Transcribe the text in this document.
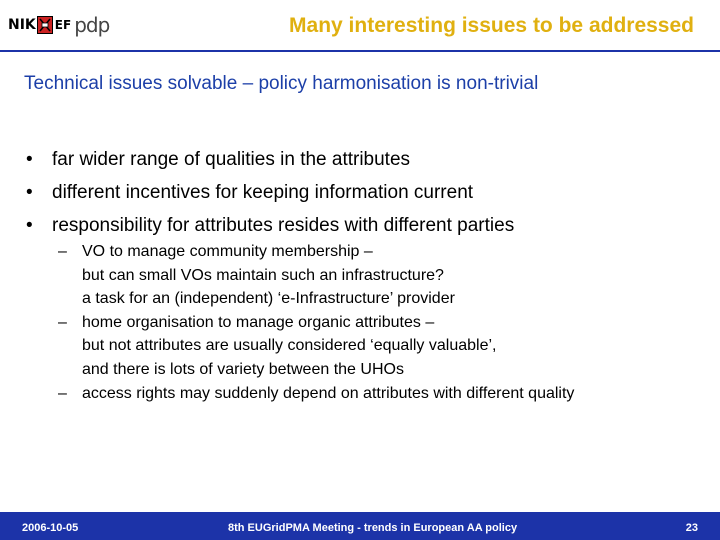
NIK EF pdp	Many interesting issues to be addressed
Technical issues solvable – policy harmonisation is non-trivial
• far wider range of qualities in the attributes
• different incentives for keeping information current
• responsibility for attributes resides with different parties
– VO to manage community membership –
but can small VOs maintain such an infrastructure?
a task for an (independent) ‘e-Infrastructure’ provider
– home organisation to manage organic attributes –
but not attributes are usually considered ‘equally valuable’,
and there is lots of variety between the UHOs
– access rights may suddenly depend on attributes with different quality
2006-10-05	8th EUGridPMA Meeting - trends in European AA policy	23
